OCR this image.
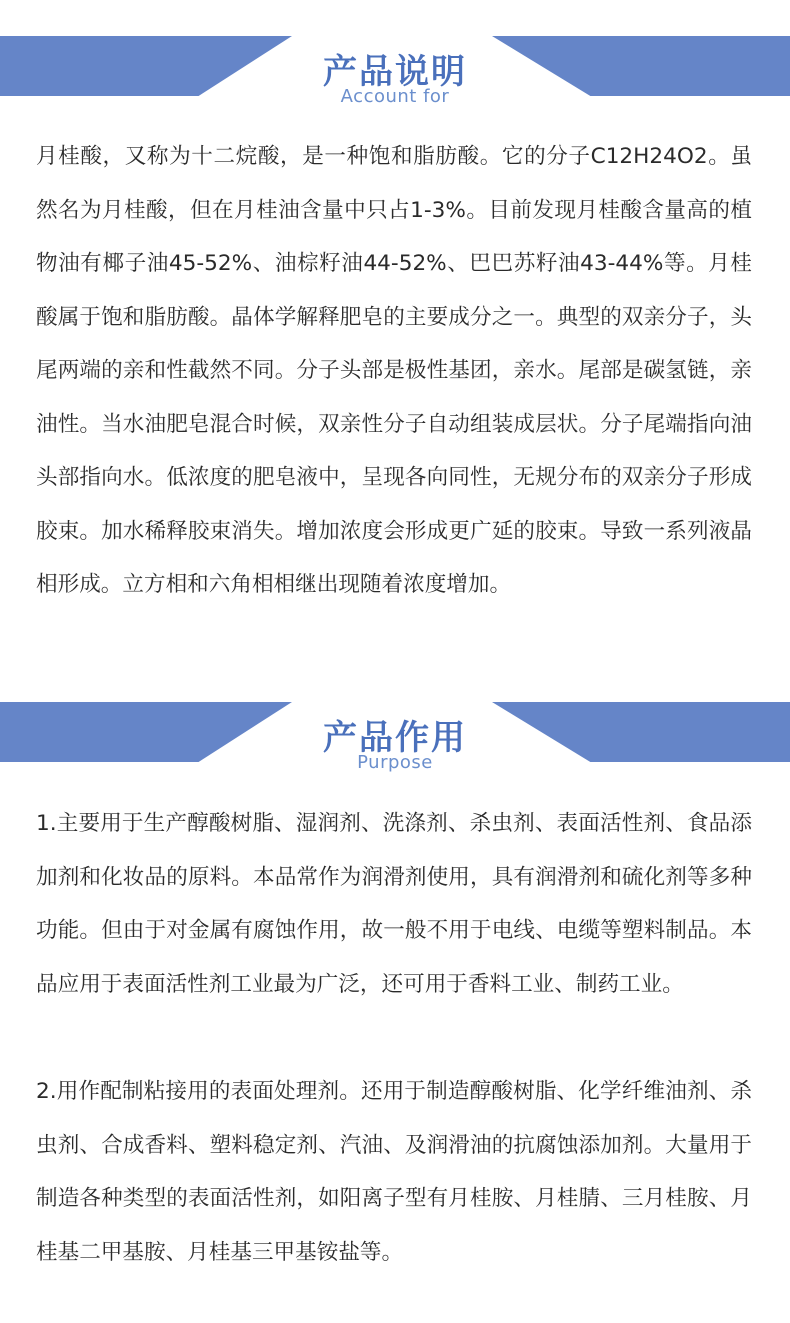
产品说明
Account for

月桂酸，又称为十二烷酸，是一种饱和脂肪酸。它的分子C12H24O2。虽然名为月桂酸，但在月桂油含量中只占1-3%。目前发现月桂酸含量高的植物油有椰子油45-52%、油棕籽油44-52%、巴巴苏籽油43-44%等。月桂酸属于饱和脂肪酸。晶体学解释肥皂的主要成分之一。典型的双亲分子，头尾两端的亲和性截然不同。分子头部是极性基团，亲水。尾部是碳氢链，亲油性。当水油肥皂混合时候，双亲性分子自动组装成层状。分子尾端指向油头部指向水。低浓度的肥皂液中，呈现各向同性，无规分布的双亲分子形成胶束。加水稀释胶束消失。增加浓度会形成更广延的胶束。导致一系列液晶相形成。立方相和六角相相继出现随着浓度增加。

产品作用
Purpose

1.主要用于生产醇酸树脂、湿润剂、洗涤剂、杀虫剂、表面活性剂、食品添加剂和化妆品的原料。本品常作为润滑剂使用，具有润滑剂和硫化剂等多种功能。但由于对金属有腐蚀作用，故一般不用于电线、电缆等塑料制品。本品应用于表面活性剂工业最为广泛，还可用于香料工业、制药工业。

2.用作配制粘接用的表面处理剂。还用于制造醇酸树脂、化学纤维油剂、杀虫剂、合成香料、塑料稳定剂、汽油、及润滑油的抗腐蚀添加剂。大量用于制造各种类型的表面活性剂，如阳离子型有月桂胺、月桂腈、三月桂胺、月桂基二甲基胺、月桂基三甲基铵盐等。
